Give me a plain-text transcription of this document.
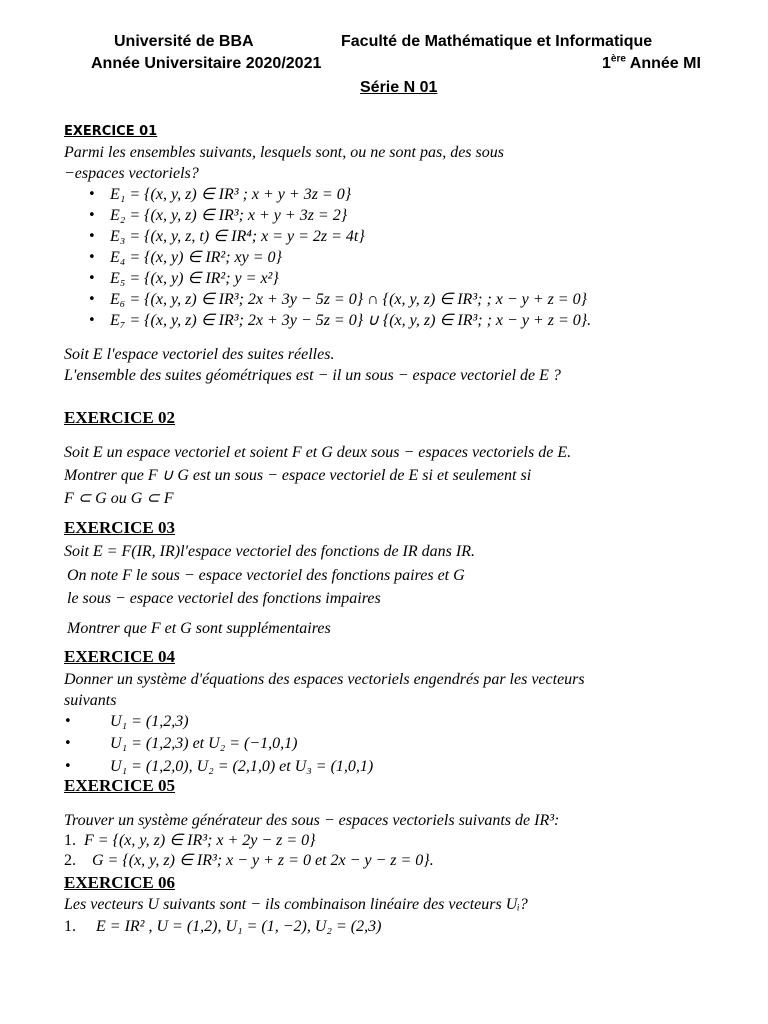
Université de BBA	Faculté de Mathématique et Informatique
Année Universitaire 2020/2021	1ère Année MI
Série N 01
EXERCICE 01
Parmi les ensembles suivants, lesquels sont, ou ne sont pas, des sous
−espaces vectoriels?
• E₁ = {(x, y, z) ∈ IR³ ; x + y + 3z = 0}
• E₂ = {(x, y, z) ∈ IR³; x + y + 3z = 2}
• E₃ = {(x, y, z, t) ∈ IR⁴; x = y = 2z = 4t}
• E₄ = {(x, y) ∈ IR²; xy = 0}
• E₅ = {(x, y) ∈ IR²; y = x²}
• E₆ = {(x, y, z) ∈ IR³; 2x + 3y − 5z = 0} ∩ {(x, y, z) ∈ IR³; ; x − y + z = 0}
• E₇ = {(x, y, z) ∈ IR³; 2x + 3y − 5z = 0} ∪ {(x, y, z) ∈ IR³; ; x − y + z = 0}.
Soit E l'espace vectoriel des suites réelles.
L'ensemble des suites géométriques est − il un sous − espace vectoriel de E ?
EXERCICE 02
Soit E un espace vectoriel et soient F et G deux sous − espaces vectoriels de E.
Montrer que F ∪ G est un sous − espace vectoriel de E si et seulement si
F ⊂ G ou G ⊂ F
EXERCICE 03
Soit E = F(IR, IR)l'espace vectoriel des fonctions de IR dans IR.
On note F le sous − espace vectoriel des fonctions paires et G
le sous − espace vectoriel des fonctions impaires
Montrer que F et G sont supplémentaires
EXERCICE 04
Donner un système d'équations des espaces vectoriels engendrés par les vecteurs
suivants
• U₁ = (1,2,3)
• U₁ = (1,2,3) et U₂ = (−1,0,1)
• U₁ = (1,2,0), U₂ = (2,1,0) et U₃ = (1,0,1)
EXERCICE 05
Trouver un système générateur des sous − espaces vectoriels suivants de IR³:
1. F = {(x, y, z) ∈ IR³; x + 2y − z = 0}
2. G = {(x, y, z) ∈ IR³; x − y + z = 0 et 2x − y − z = 0}.
EXERCICE 06
Les vecteurs U suivants sont − ils combinaison linéaire des vecteurs Uᵢ?
1. E = IR² , U = (1,2), U₁ = (1, −2), U₂ = (2,3)
